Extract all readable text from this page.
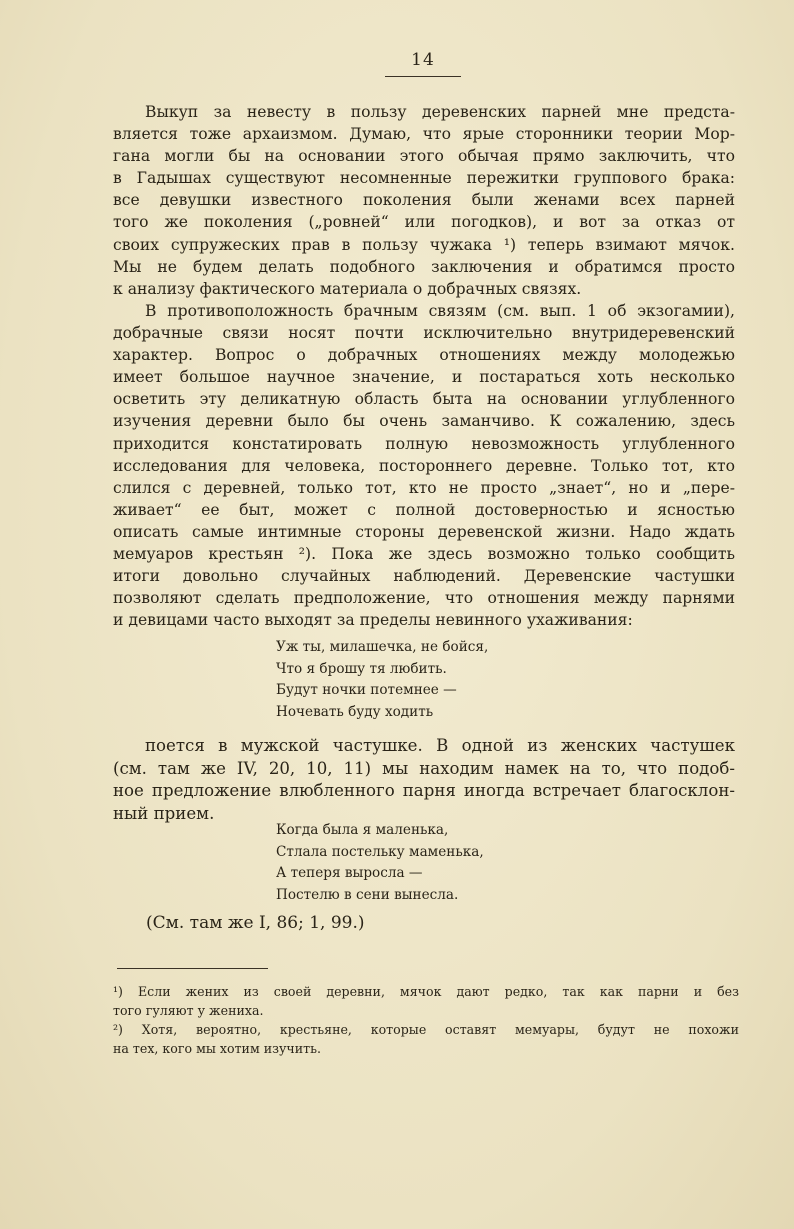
14
Выкуп за невесту в пользу деревенских парней мне предста-
вляется тоже архаизмом. Думаю, что ярые сторонники теории Мор-
гана могли бы на основании этого обычая прямо заключить, что
в Гадышах существуют несомненные пережитки группового брака:
все девушки известного поколения были женами всех парней
того же поколения („ровней“ или погодков), и вот за отказ от
своих супружеских прав в пользу чужака ¹) теперь взимают мячок.
Мы не будем делать подобного заключения и обратимся просто
к анализу фактического материала о добрачных связях.
В противоположность брачным связям (см. вып. 1 об экзогамии),
добрачные связи носят почти исключительно внутридеревенский
характер. Вопрос о добрачных отношениях между молодежью
имеет большое научное значение, и постараться хоть несколько
осветить эту деликатную область быта на основании углубленного
изучения деревни было бы очень заманчиво. К сожалению, здесь
приходится констатировать полную невозможность углубленного
исследования для человека, постороннего деревне. Только тот, кто
слился с деревней, только тот, кто не просто „знает“, но и „пере-
живает“ ее быт, может с полной достоверностью и ясностью
описать самые интимные стороны деревенской жизни. Надо ждать
мемуаров крестьян ²). Пока же здесь возможно только сообщить
итоги довольно случайных наблюдений. Деревенские частушки
позволяют сделать предположение, что отношения между парнями
и девицами часто выходят за пределы невинного ухаживания:
Уж ты, милашечка, не бойся,
Что я брошу тя любить.
Будут ночки потемнее —
Ночевать буду ходить
поется в мужской частушке. В одной из женских частушек
(см. там же IV, 20, 10, 11) мы находим намек на то, что подоб-
ное предложение влюбленного парня иногда встречает благосклон-
ный прием.
Когда была я маленька,
Стлала постельку маменька,
А теперя выросла —
Постелю в сени вынесла.
(См. там же I, 86; 1, 99.)
¹) Если жених из своей деревни, мячок дают редко, так как парни и без
того гуляют у жениха.
²) Хотя, вероятно, крестьяне, которые оставят мемуары, будут не похожи
на тех, кого мы хотим изучить.
